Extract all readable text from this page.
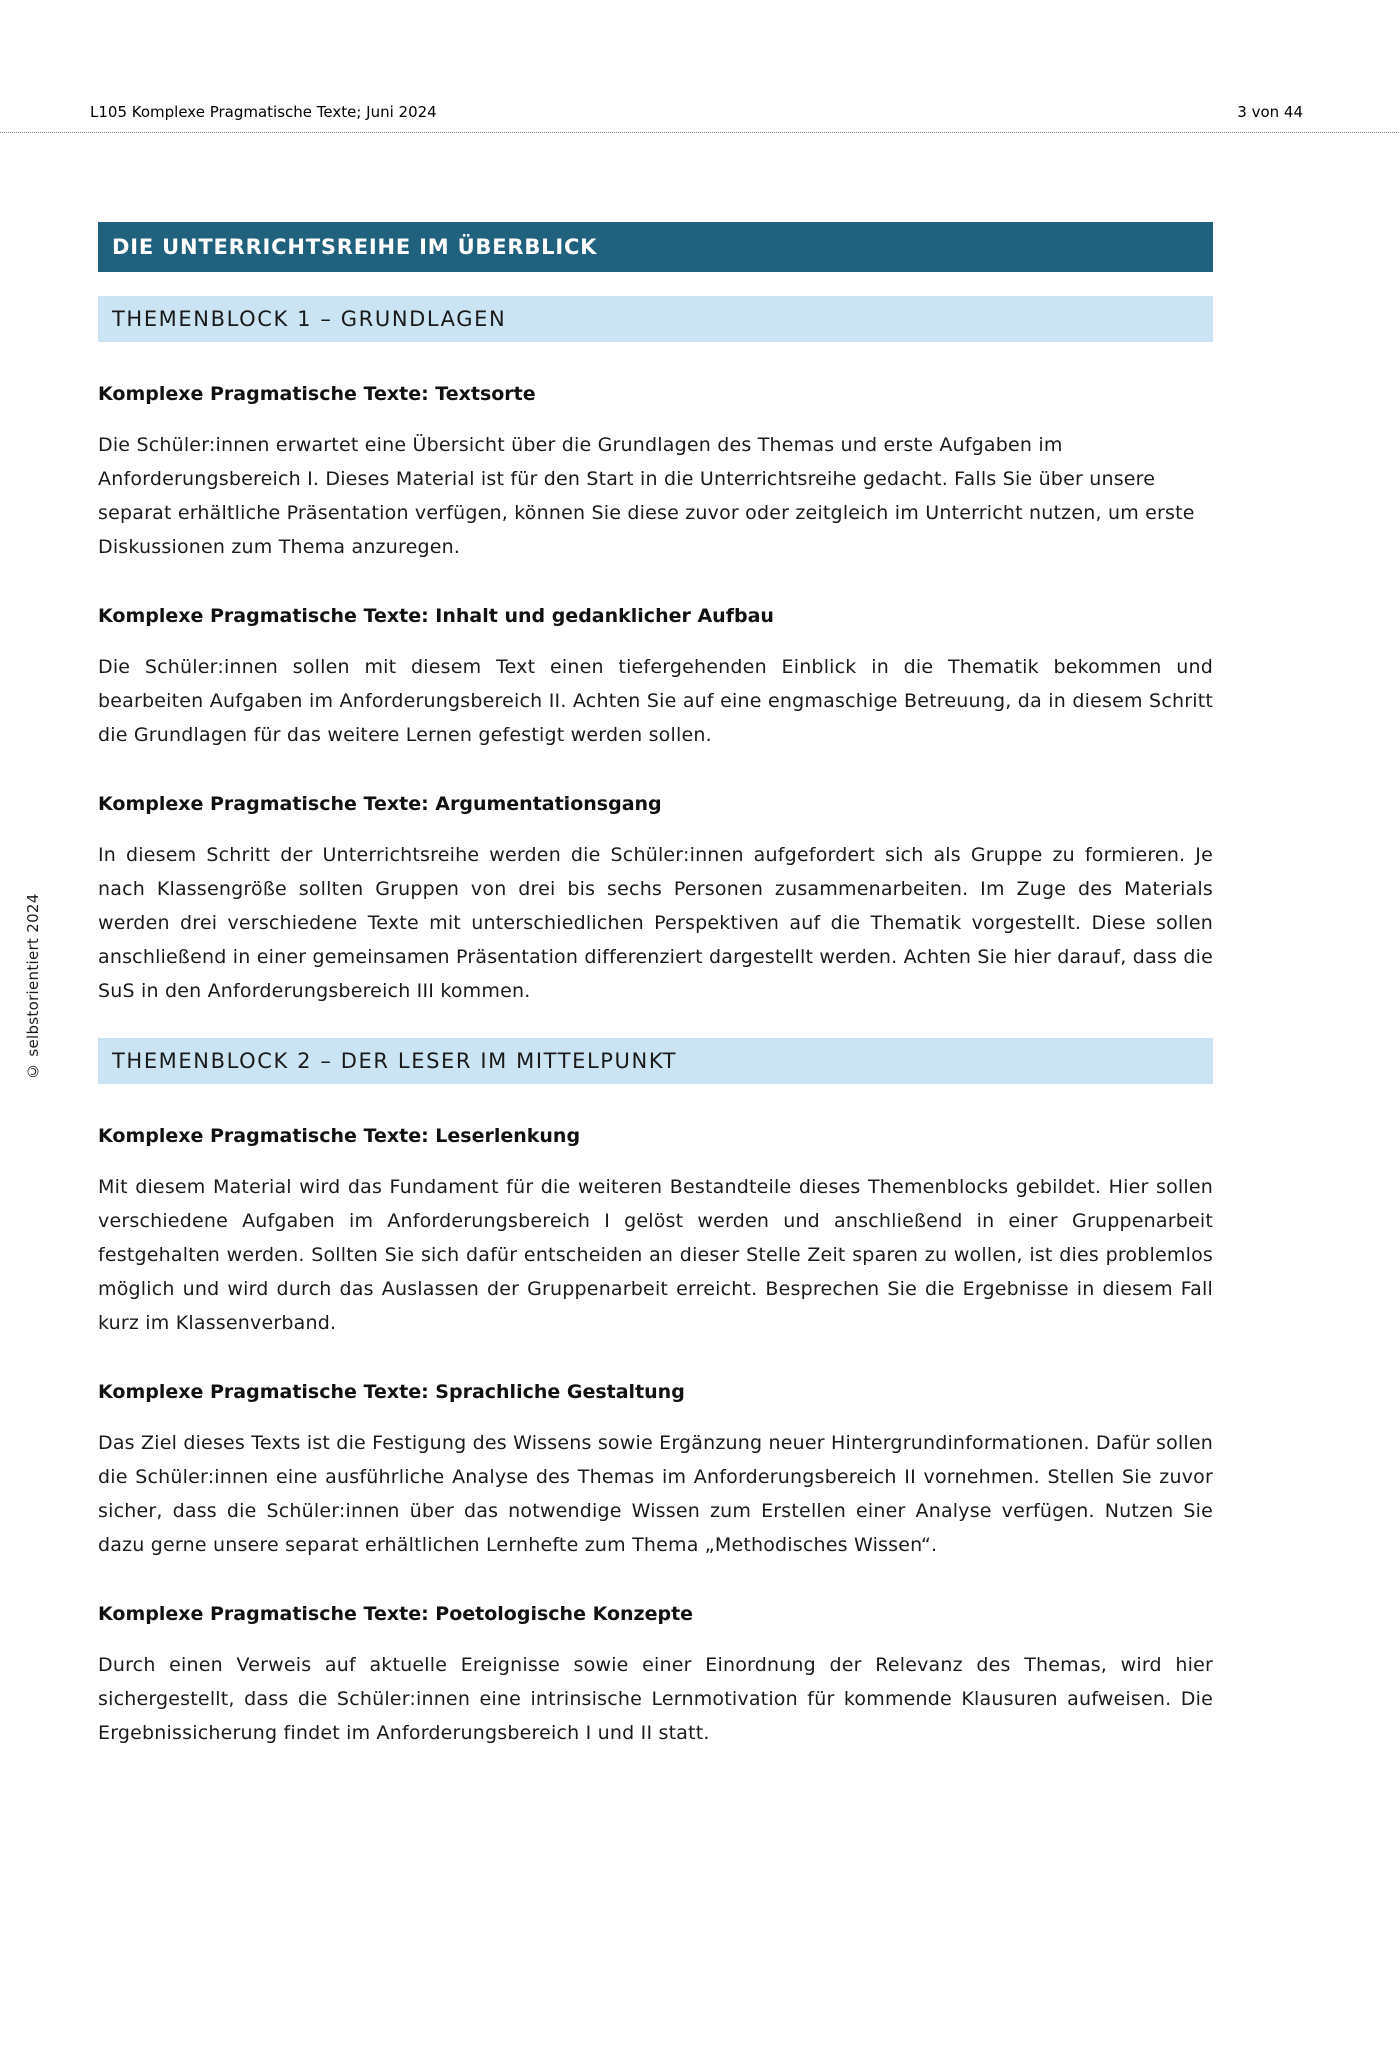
L105 Komplexe Pragmatische Texte; Juni 2024	3 von 44
© selbstorientiert 2024
DIE UNTERRICHTSREIHE IM ÜBERBLICK
THEMENBLOCK 1 – GRUNDLAGEN
Komplexe Pragmatische Texte: Textsorte

Die Schüler:innen erwartet eine Übersicht über die Grundlagen des Themas und erste Aufgaben im Anforderungsbereich I. Dieses Material ist für den Start in die Unterrichtsreihe gedacht. Falls Sie über unsere separat erhältliche Präsentation verfügen, können Sie diese zuvor oder zeitgleich im Unterricht nutzen, um erste Diskussionen zum Thema anzuregen.

Komplexe Pragmatische Texte: Inhalt und gedanklicher Aufbau

Die Schüler:innen sollen mit diesem Text einen tiefergehenden Einblick in die Thematik bekommen und bearbeiten Aufgaben im Anforderungsbereich II. Achten Sie auf eine engmaschige Betreuung, da in diesem Schritt die Grundlagen für das weitere Lernen gefestigt werden sollen.

Komplexe Pragmatische Texte: Argumentationsgang

In diesem Schritt der Unterrichtsreihe werden die Schüler:innen aufgefordert sich als Gruppe zu formieren. Je nach Klassengröße sollten Gruppen von drei bis sechs Personen zusammenarbeiten. Im Zuge des Materials werden drei verschiedene Texte mit unterschiedlichen Perspektiven auf die Thematik vorgestellt. Diese sollen anschließend in einer gemeinsamen Präsentation differenziert dargestellt werden. Achten Sie hier darauf, dass die SuS in den Anforderungsbereich III kommen.

THEMENBLOCK 2 – DER LESER IM MITTELPUNKT
Komplexe Pragmatische Texte: Leserlenkung

Mit diesem Material wird das Fundament für die weiteren Bestandteile dieses Themenblocks gebildet. Hier sollen verschiedene Aufgaben im Anforderungsbereich I gelöst werden und anschließend in einer Gruppenarbeit festgehalten werden. Sollten Sie sich dafür entscheiden an dieser Stelle Zeit sparen zu wollen, ist dies problemlos möglich und wird durch das Auslassen der Gruppenarbeit erreicht. Besprechen Sie die Ergebnisse in diesem Fall kurz im Klassenverband.

Komplexe Pragmatische Texte: Sprachliche Gestaltung

Das Ziel dieses Texts ist die Festigung des Wissens sowie Ergänzung neuer Hintergrundinformationen. Dafür sollen die Schüler:innen eine ausführliche Analyse des Themas im Anforderungsbereich II vornehmen. Stellen Sie zuvor sicher, dass die Schüler:innen über das notwendige Wissen zum Erstellen einer Analyse verfügen. Nutzen Sie dazu gerne unsere separat erhältlichen Lernhefte zum Thema „Methodisches Wissen“.

Komplexe Pragmatische Texte: Poetologische Konzepte

Durch einen Verweis auf aktuelle Ereignisse sowie einer Einordnung der Relevanz des Themas, wird hier sichergestellt, dass die Schüler:innen eine intrinsische Lernmotivation für kommende Klausuren aufweisen. Die Ergebnissicherung findet im Anforderungsbereich I und II statt.
